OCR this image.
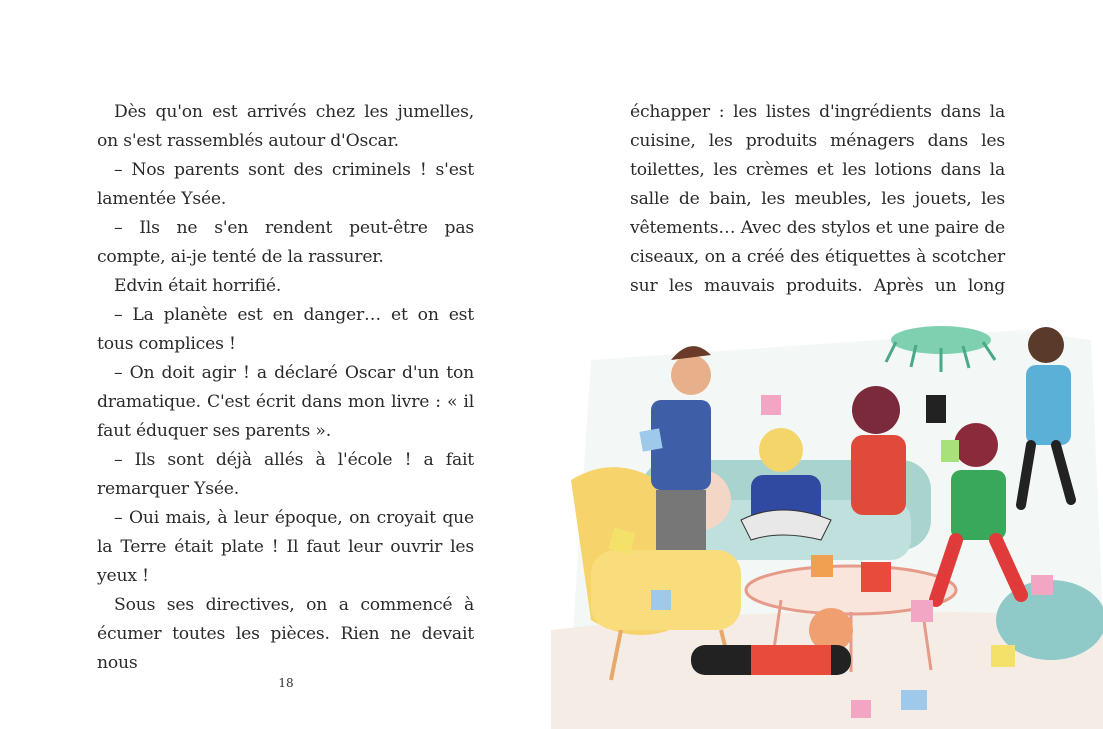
Dès qu'on est arrivés chez les jumelles, on s'est rassemblés autour d'Oscar.

– Nos parents sont des criminels ! s'est lamentée Ysée.

– Ils ne s'en rendent peut-être pas compte, ai-je tenté de la rassurer.

Edvin était horrifié.

– La planète est en danger… et on est tous complices !

– On doit agir ! a déclaré Oscar d'un ton dramatique. C'est écrit dans mon livre : « il faut éduquer ses parents ».

– Ils sont déjà allés à l'école ! a fait remarquer Ysée.

– Oui mais, à leur époque, on croyait que la Terre était plate ! Il faut leur ouvrir les yeux !

Sous ses directives, on a commencé à écumer toutes les pièces. Rien ne devait nous

18

échapper : les listes d'ingrédients dans la cuisine, les produits ménagers dans les toilettes, les crèmes et les lotions dans la salle de bain, les meubles, les jouets, les vêtements… Avec des stylos et une paire de ciseaux, on a créé des étiquettes à scotcher sur les mauvais produits. Après un long
